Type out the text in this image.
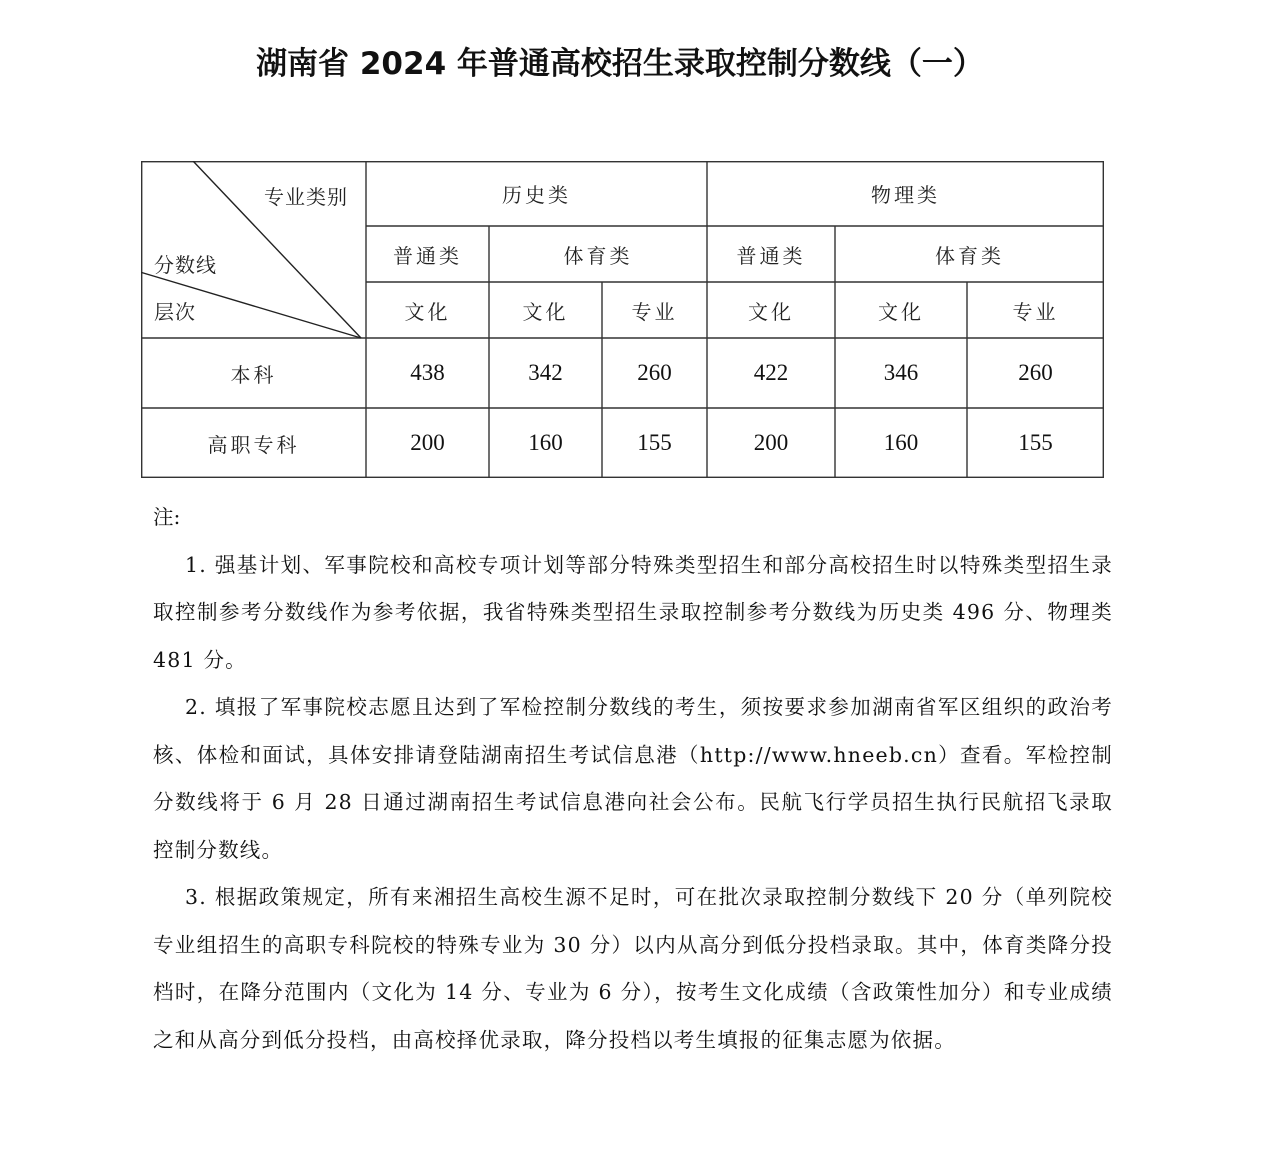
湖南省 2024 年普通高校招生录取控制分数线（一）
专业类别
分数线
层次
历史类	物理类
普通类	体育类	普通类	体育类
文化	文化	专业	文化	文化	专业
本科	438	342	260	422	346	260
高职专科	200	160	155	200	160	155

注:

1. 强基计划、军事院校和高校专项计划等部分特殊类型招生和部分高校招生时以特殊类型招生录取控制参考分数线作为参考依据，我省特殊类型招生录取控制参考分数线为历史类 496 分、物理类 481 分。

2. 填报了军事院校志愿且达到了军检控制分数线的考生，须按要求参加湖南省军区组织的政治考核、体检和面试，具体安排请登陆湖南招生考试信息港（http://www.hneeb.cn）查看。军检控制分数线将于 6 月 28 日通过湖南招生考试信息港向社会公布。民航飞行学员招生执行民航招飞录取控制分数线。

3. 根据政策规定，所有来湘招生高校生源不足时，可在批次录取控制分数线下 20 分（单列院校专业组招生的高职专科院校的特殊专业为 30 分）以内从高分到低分投档录取。其中，体育类降分投档时，在降分范围内（文化为 14 分、专业为 6 分），按考生文化成绩（含政策性加分）和专业成绩之和从高分到低分投档，由高校择优录取，降分投档以考生填报的征集志愿为依据。
